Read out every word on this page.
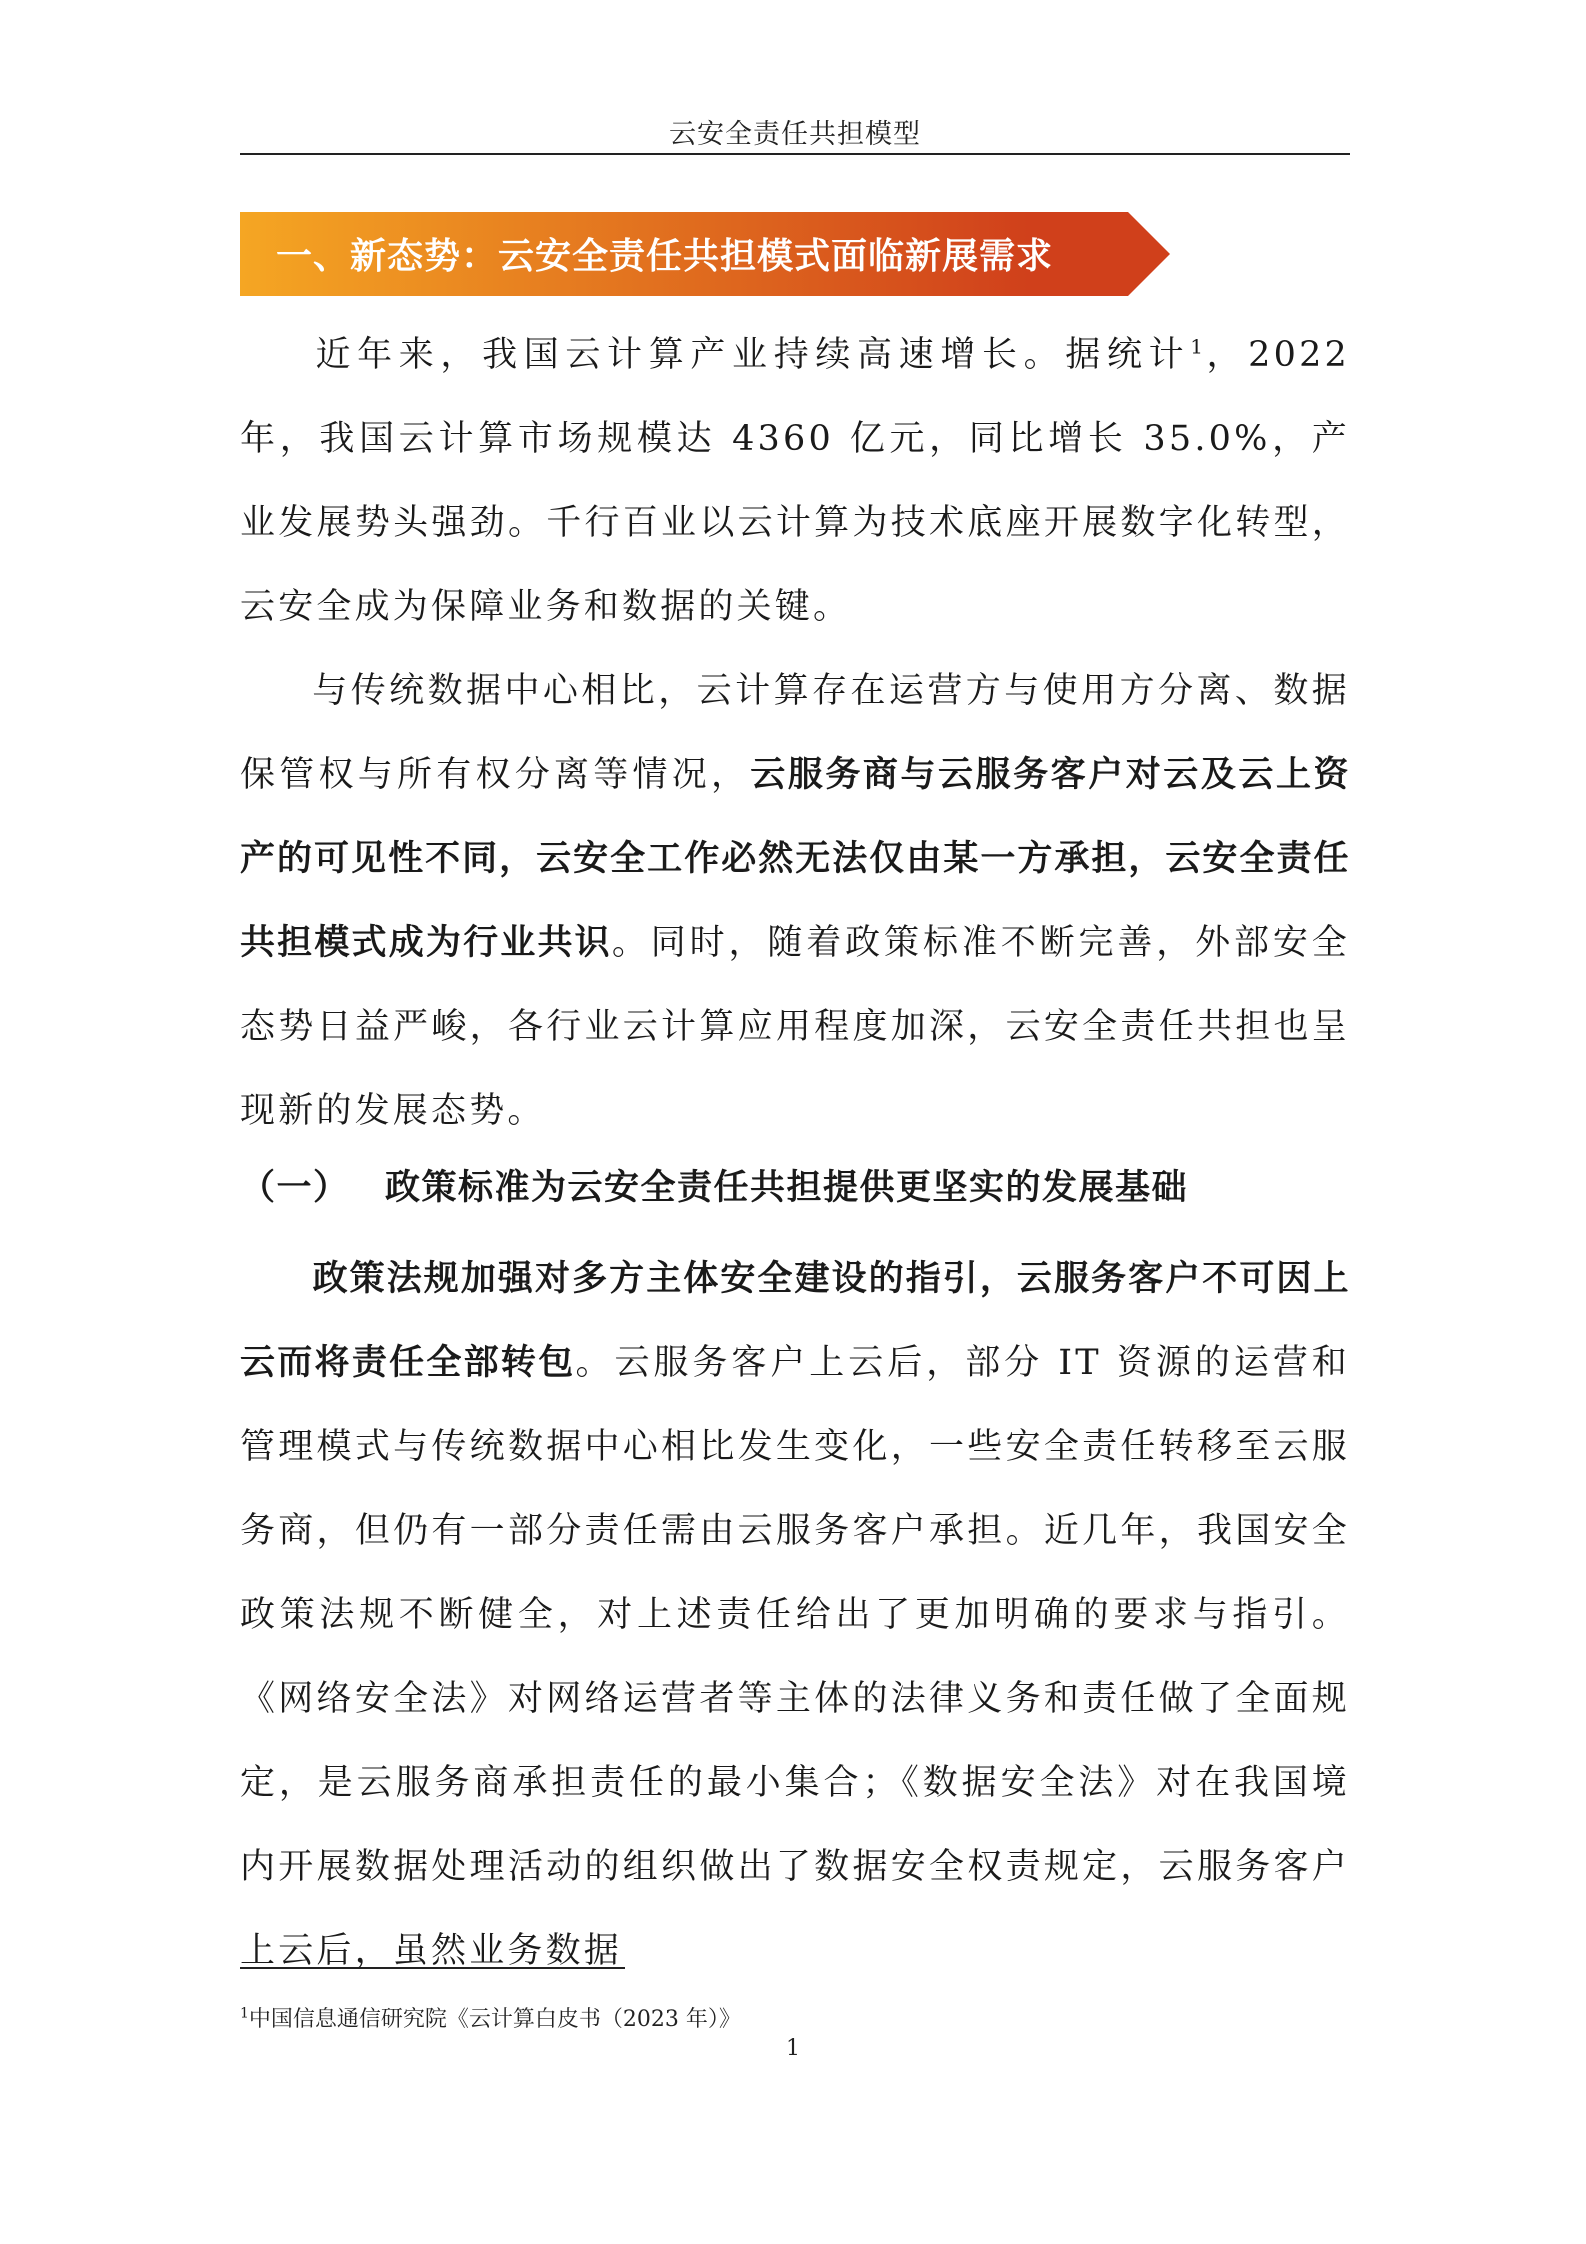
云安全责任共担模型
一、新态势：云安全责任共担模式面临新展需求

近年来，我国云计算产业持续高速增长。据统计$^1$，2022 年，我国云计算市场规模达 4360 亿元，同比增长 35.0%，产业发展势头强劲。千行百业以云计算为技术底座开展数字化转型，云安全成为保障业务和数据的关键。

与传统数据中心相比，云计算存在运营方与使用方分离、数据保管权与所有权分离等情况，云服务商与云服务客户对云及云上资产的可见性不同，云安全工作必然无法仅由某一方承担，云安全责任共担模式成为行业共识。同时，随着政策标准不断完善，外部安全态势日益严峻，各行业云计算应用程度加深，云安全责任共担也呈现新的发展态势。

（一） 政策标准为云安全责任共担提供更坚实的发展基础

政策法规加强对多方主体安全建设的指引，云服务客户不可因上云而将责任全部转包。云服务客户上云后，部分 IT 资源的运营和管理模式与传统数据中心相比发生变化，一些安全责任转移至云服务商，但仍有一部分责任需由云服务客户承担。近几年，我国安全政策法规不断健全，对上述责任给出了更加明确的要求与指引。《网络安全法》对网络运营者等主体的法律义务和责任做了全面规定，是云服务商承担责任的最小集合；《数据安全法》对在我国境内开展数据处理活动的组织做出了数据安全权责规定，云服务客户上云后，虽然业务数据

$^1$中国信息通信研究院《云计算白皮书（2023 年）》
1
